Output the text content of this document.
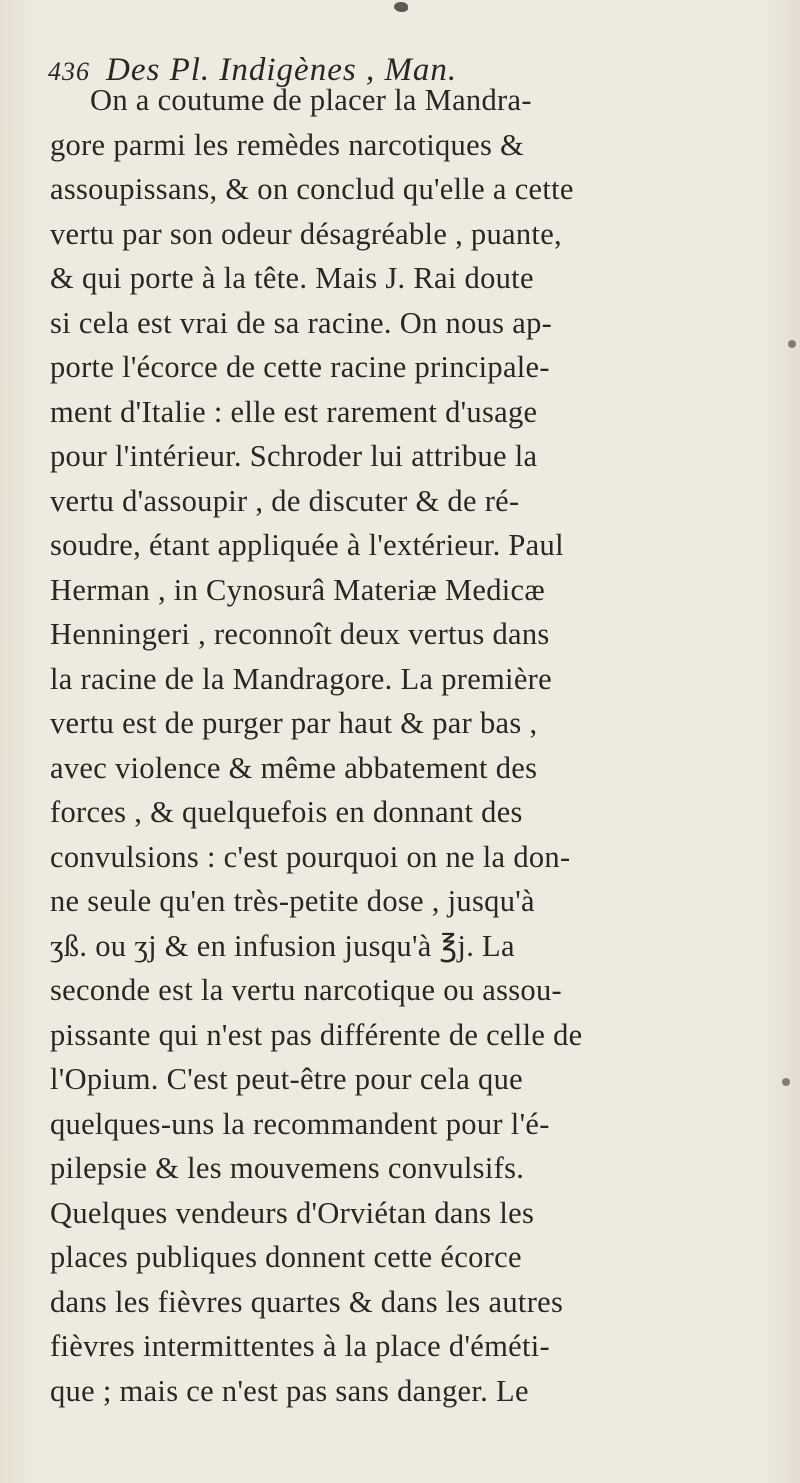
436 Des Pl. Indigènes , Man.
On a coutume de placer la Mandra-
gore parmi les remèdes narcotiques &
assoupissans, & on conclud qu'elle a cette
vertu par son odeur désagréable , puante,
& qui porte à la tête. Mais J. Rai doute
si cela est vrai de sa racine. On nous ap-
porte l'écorce de cette racine principale-
ment d'Italie : elle est rarement d'usage
pour l'intérieur. Schroder lui attribue la
vertu d'assoupir , de discuter & de ré-
soudre, étant appliquée à l'extérieur. Paul
Herman , in Cynosurâ Materiæ Medicæ
Henningeri , reconnoît deux vertus dans
la racine de la Mandragore. La première
vertu est de purger par haut & par bas ,
avec violence & même abbatement des
forces , & quelquefois en donnant des
convulsions : c'est pourquoi on ne la don-
ne seule qu'en très-petite dose , jusqu'à
ʒß. ou ʒj & en infusion jusqu'à ℥j. La
seconde est la vertu narcotique ou assou-
pissante qui n'est pas différente de celle de
l'Opium. C'est peut-être pour cela que
quelques-uns la recommandent pour l'é-
pilepsie & les mouvemens convulsifs.
Quelques vendeurs d'Orviétan dans les
places publiques donnent cette écorce
dans les fièvres quartes & dans les autres
fièvres intermittentes à la place d'éméti-
que ; mais ce n'est pas sans danger. Le
